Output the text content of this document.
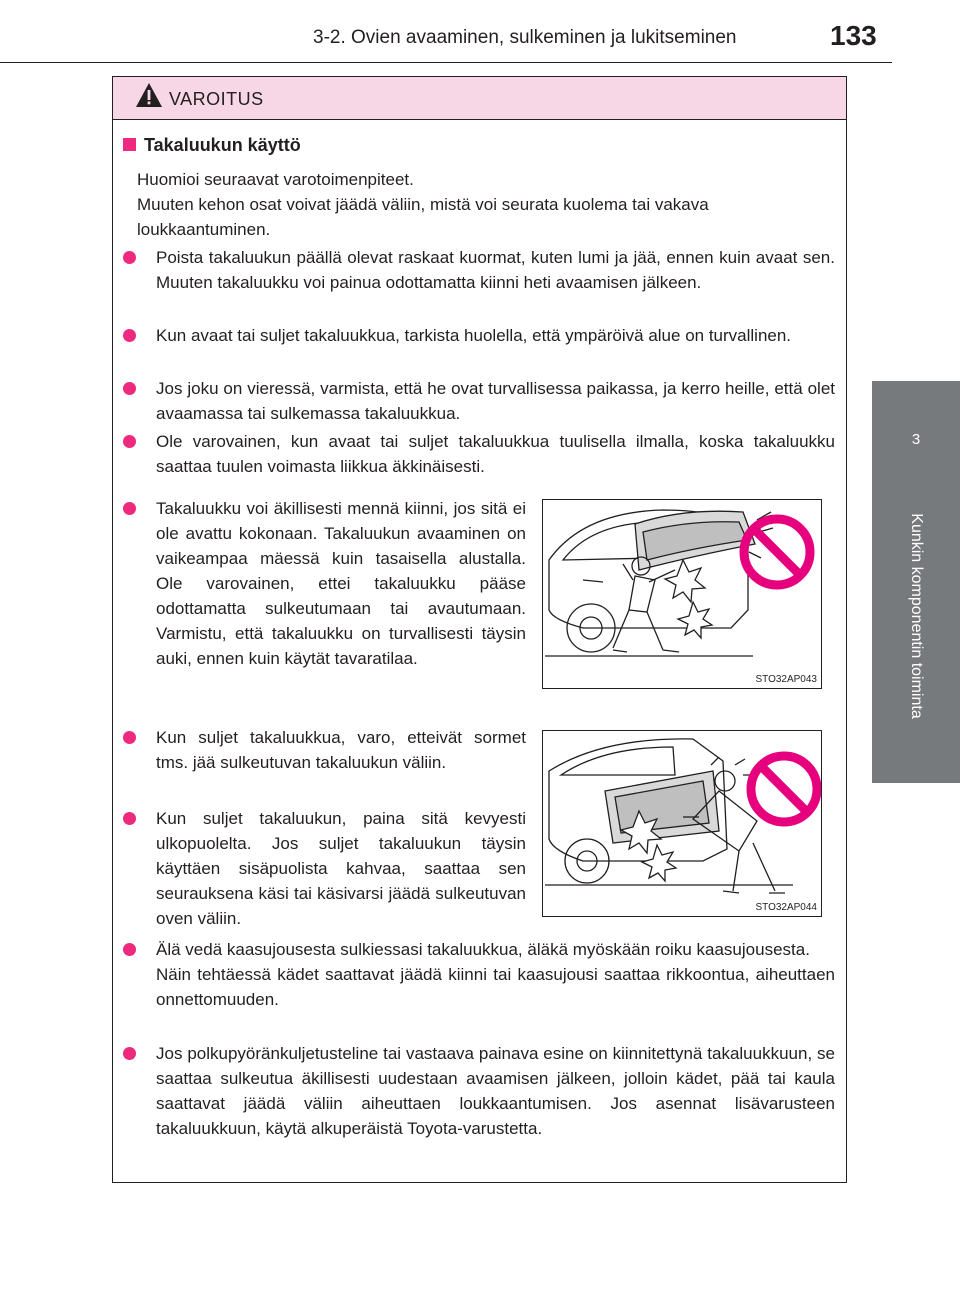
3-2. Ovien avaaminen, sulkeminen ja lukitseminen	133
3
Kunkin komponentin toiminta
VAROITUS
Takaluukun käyttö
Huomioi seuraavat varotoimenpiteet.
Muuten kehon osat voivat jäädä väliin, mistä voi seurata kuolema tai vakava loukkaantuminen.
Poista takaluukun päällä olevat raskaat kuormat, kuten lumi ja jää, ennen kuin avaat sen. Muuten takaluukku voi painua odottamatta kiinni heti avaamisen jälkeen.
Kun avaat tai suljet takaluukkua, tarkista huolella, että ympäröivä alue on turvallinen.
Jos joku on vieressä, varmista, että he ovat turvallisessa paikassa, ja kerro heille, että olet avaamassa tai sulkemassa takaluukkua.
Ole varovainen, kun avaat tai suljet takaluukkua tuulisella ilmalla, koska takaluukku saattaa tuulen voimasta liikkua äkkinäisesti.
Takaluukku voi äkillisesti mennä kiinni, jos sitä ei ole avattu kokonaan. Takaluukun avaaminen on vaikeampaa mäessä kuin tasaisella alustalla. Ole varovainen, ettei takaluukku pääse odottamatta sulkeutumaan tai avautumaan. Varmistu, että takaluukku on turvallisesti täysin auki, ennen kuin käytät tavaratilaa.
Kun suljet takaluukkua, varo, etteivät sormet tms. jää sulkeutuvan takaluukun väliin.
Kun suljet takaluukun, paina sitä kevyesti ulkopuolelta. Jos suljet takaluukun täysin käyttäen sisäpuolista kahvaa, saattaa sen seurauksena käsi tai käsivarsi jäädä sulkeutuvan oven väliin.
Älä vedä kaasujousesta sulkiessasi takaluukkua, äläkä myöskään roiku kaasujousesta.
Näin tehtäessä kädet saattavat jäädä kiinni tai kaasujousi saattaa rikkoontua, aiheuttaen onnettomuuden.
Jos polkupyöränkuljetusteline tai vastaava painava esine on kiinnitettynä takaluukkuun, se saattaa sulkeutua äkillisesti uudestaan avaamisen jälkeen, jolloin kädet, pää tai kaula saattavat jäädä väliin aiheuttaen loukkaantumisen. Jos asennat lisävarusteen takaluukkuun, käytä alkuperäistä Toyota-varustetta.
STO32AP043
STO32AP044
